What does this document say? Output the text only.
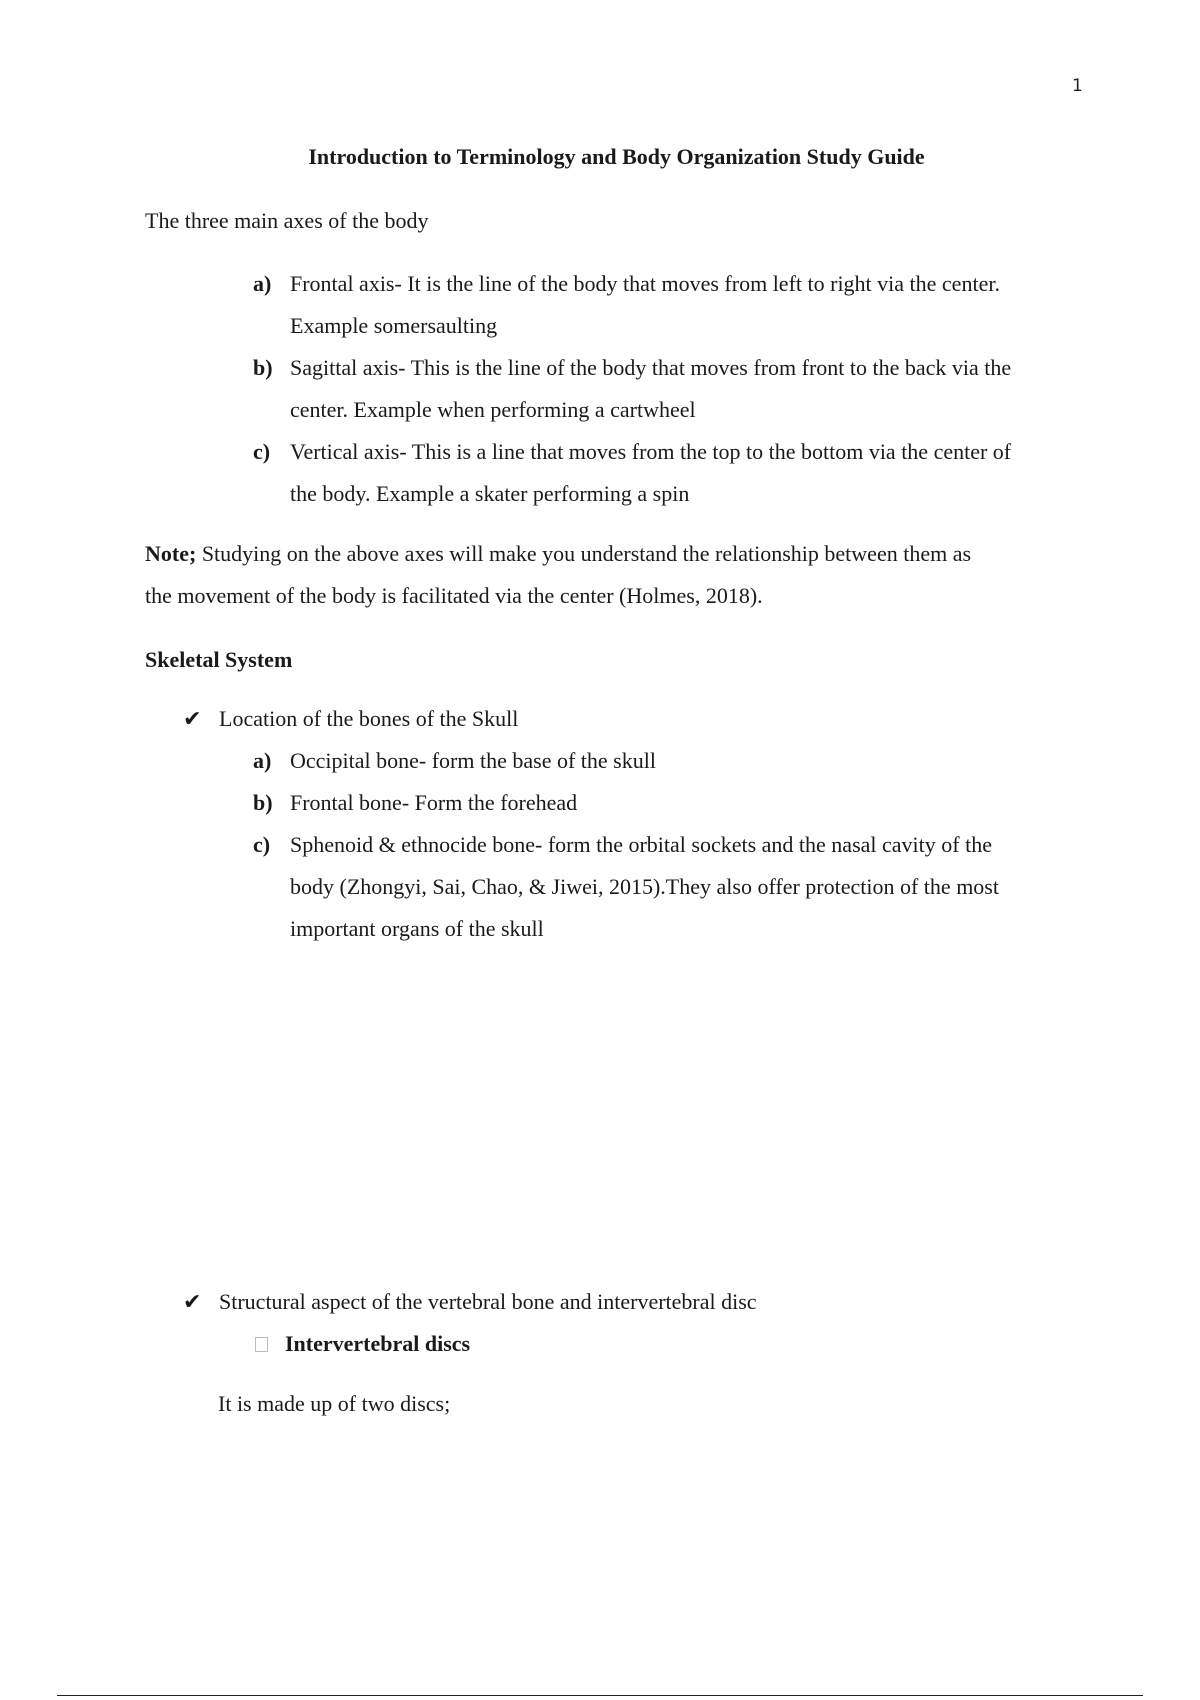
1
Introduction to Terminology and Body Organization Study Guide
The three main axes of the body
a) Frontal axis- It is the line of the body that moves from left to right via the center.
Example somersaulting
b) Sagittal axis- This is the line of the body that moves from front to the back via the
center. Example when performing a cartwheel
c) Vertical axis- This is a line that moves from the top to the bottom via the center of
the body. Example a skater performing a spin
Note; Studying on the above axes will make you understand the relationship between them as
the movement of the body is facilitated via the center (Holmes, 2018).
Skeletal System
✔ Location of the bones of the Skull
a) Occipital bone- form the base of the skull
b) Frontal bone- Form the forehead
c) Sphenoid & ethnocide bone- form the orbital sockets and the nasal cavity of the
body (Zhongyi, Sai, Chao, & Jiwei, 2015).They also offer protection of the most
important organs of the skull
✔ Structural aspect of the vertebral bone and intervertebral disc
Intervertebral discs
It is made up of two discs;
